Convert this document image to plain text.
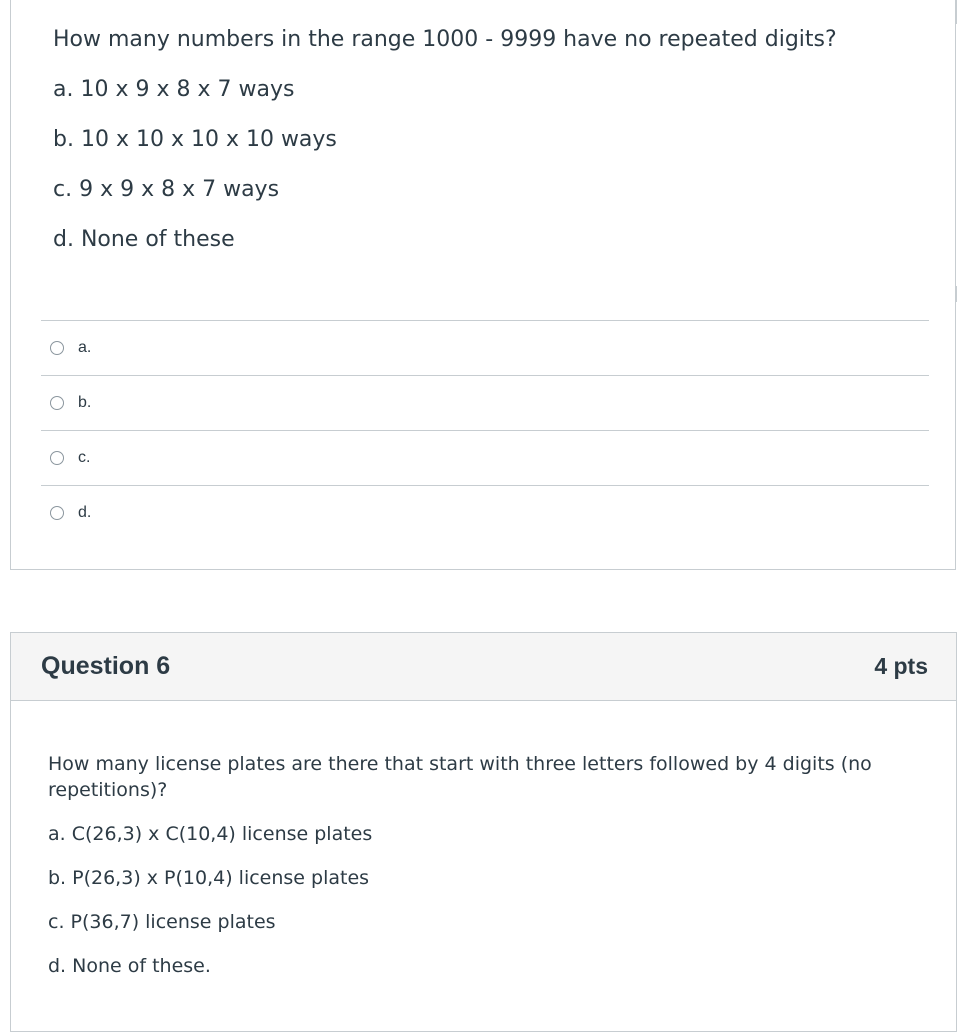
How many numbers in the range 1000 - 9999 have no repeated digits?
a. 10 x 9 x 8 x 7 ways
b. 10 x 10 x 10 x 10 ways
c. 9 x 9 x 8 x 7 ways
d. None of these
a.
b.
c.
d.
Question 6	4 pts
How many license plates are there that start with three letters followed by 4 digits (no
repetitions)?
a. C(26,3) x C(10,4) license plates
b. P(26,3) x P(10,4) license plates
c. P(36,7) license plates
d. None of these.
